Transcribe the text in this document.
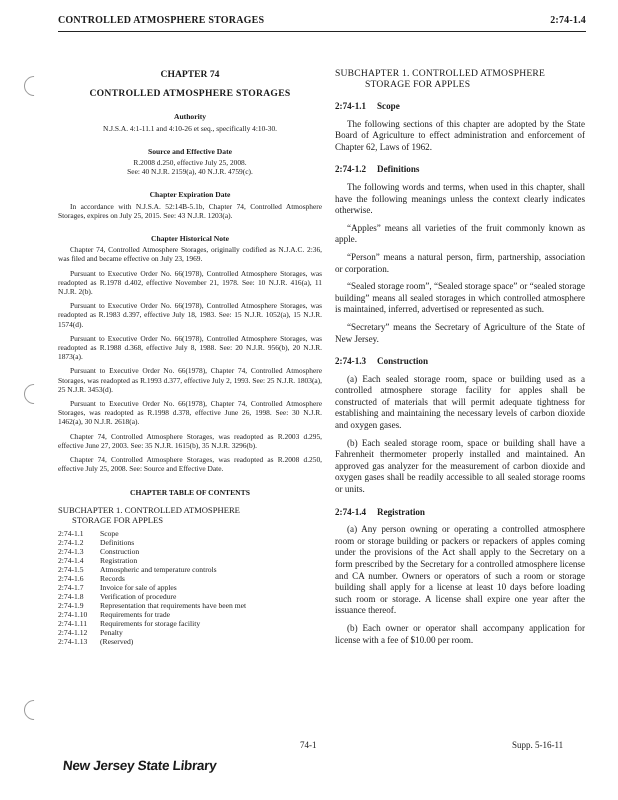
CONTROLLED ATMOSPHERE STORAGES	2:74-1.4
CHAPTER 74
CONTROLLED ATMOSPHERE STORAGES
Authority
N.J.S.A. 4:1-11.1 and 4:10-26 et seq., specifically 4:10-30.
Source and Effective Date
R.2008 d.250, effective July 25, 2008.
See: 40 N.J.R. 2159(a), 40 N.J.R. 4759(c).
Chapter Expiration Date
In accordance with N.J.S.A. 52:14B-5.1b, Chapter 74, Controlled Atmosphere Storages, expires on July 25, 2015. See: 43 N.J.R. 1203(a).
Chapter Historical Note
Chapter 74, Controlled Atmosphere Storages, originally codified as N.J.A.C. 2:36, was filed and became effective on July 23, 1969.
Pursuant to Executive Order No. 66(1978), Controlled Atmosphere Storages, was readopted as R.1978 d.402, effective November 21, 1978. See: 10 N.J.R. 416(a), 11 N.J.R. 2(b).
Pursuant to Executive Order No. 66(1978), Controlled Atmosphere Storages, was readopted as R.1983 d.397, effective July 18, 1983. See: 15 N.J.R. 1052(a), 15 N.J.R. 1574(d).
Pursuant to Executive Order No. 66(1978), Controlled Atmosphere Storages, was readopted as R.1988 d.368, effective July 8, 1988. See: 20 N.J.R. 956(b), 20 N.J.R. 1873(a).
Pursuant to Executive Order No. 66(1978), Chapter 74, Controlled Atmosphere Storages, was readopted as R.1993 d.377, effective July 2, 1993. See: 25 N.J.R. 1803(a), 25 N.J.R. 3453(d).
Pursuant to Executive Order No. 66(1978), Chapter 74, Controlled Atmosphere Storages, was readopted as R.1998 d.378, effective June 26, 1998. See: 30 N.J.R. 1462(a), 30 N.J.R. 2618(a).
Chapter 74, Controlled Atmosphere Storages, was readopted as R.2003 d.295, effective June 27, 2003. See: 35 N.J.R. 1615(b), 35 N.J.R. 3296(b).
Chapter 74, Controlled Atmosphere Storages, was readopted as R.2008 d.250, effective July 25, 2008. See: Source and Effective Date.
CHAPTER TABLE OF CONTENTS
SUBCHAPTER 1. CONTROLLED ATMOSPHERE
STORAGE FOR APPLES
2:74-1.1	Scope
2:74-1.2	Definitions
2:74-1.3	Construction
2:74-1.4	Registration
2:74-1.5	Atmospheric and temperature controls
2:74-1.6	Records
2:74-1.7	Invoice for sale of apples
2:74-1.8	Verification of procedure
2:74-1.9	Representation that requirements have been met
2:74-1.10	Requirements for trade
2:74-1.11	Requirements for storage facility
2:74-1.12	Penalty
2:74-1.13	(Reserved)
SUBCHAPTER 1. CONTROLLED ATMOSPHERE
STORAGE FOR APPLES
2:74-1.1	Scope

The following sections of this chapter are adopted by the State Board of Agriculture to effect administration and enforcement of Chapter 62, Laws of 1962.

2:74-1.2	Definitions

The following words and terms, when used in this chapter, shall have the following meanings unless the context clearly indicates otherwise.

“Apples” means all varieties of the fruit commonly known as apple.

“Person” means a natural person, firm, partnership, association or corporation.

“Sealed storage room”, “Sealed storage space” or “sealed storage building” means all sealed storages in which controlled atmosphere is maintained, inferred, advertised or represented as such.

“Secretary” means the Secretary of Agriculture of the State of New Jersey.

2:74-1.3	Construction

(a) Each sealed storage room, space or building used as a controlled atmosphere storage facility for apples shall be constructed of materials that will permit adequate tightness for establishing and maintaining the necessary levels of carbon dioxide and oxygen gases.

(b) Each sealed storage room, space or building shall have a Fahrenheit thermometer properly installed and maintained. An approved gas analyzer for the measurement of carbon dioxide and oxygen gases shall be readily accessible to all sealed storage rooms or units.

2:74-1.4	Registration

(a) Any person owning or operating a controlled atmosphere room or storage building or packers or repackers of apples coming under the provisions of the Act shall apply to the Secretary on a form prescribed by the Secretary for a controlled atmosphere license and CA number. Owners or operators of such a room or storage building shall apply for a license at least 10 days before loading such room or storage. A license shall expire one year after the issuance thereof.

(b) Each owner or operator shall accompany application for license with a fee of $10.00 per room.

74-1	Supp. 5-16-11
New Jersey State Library
